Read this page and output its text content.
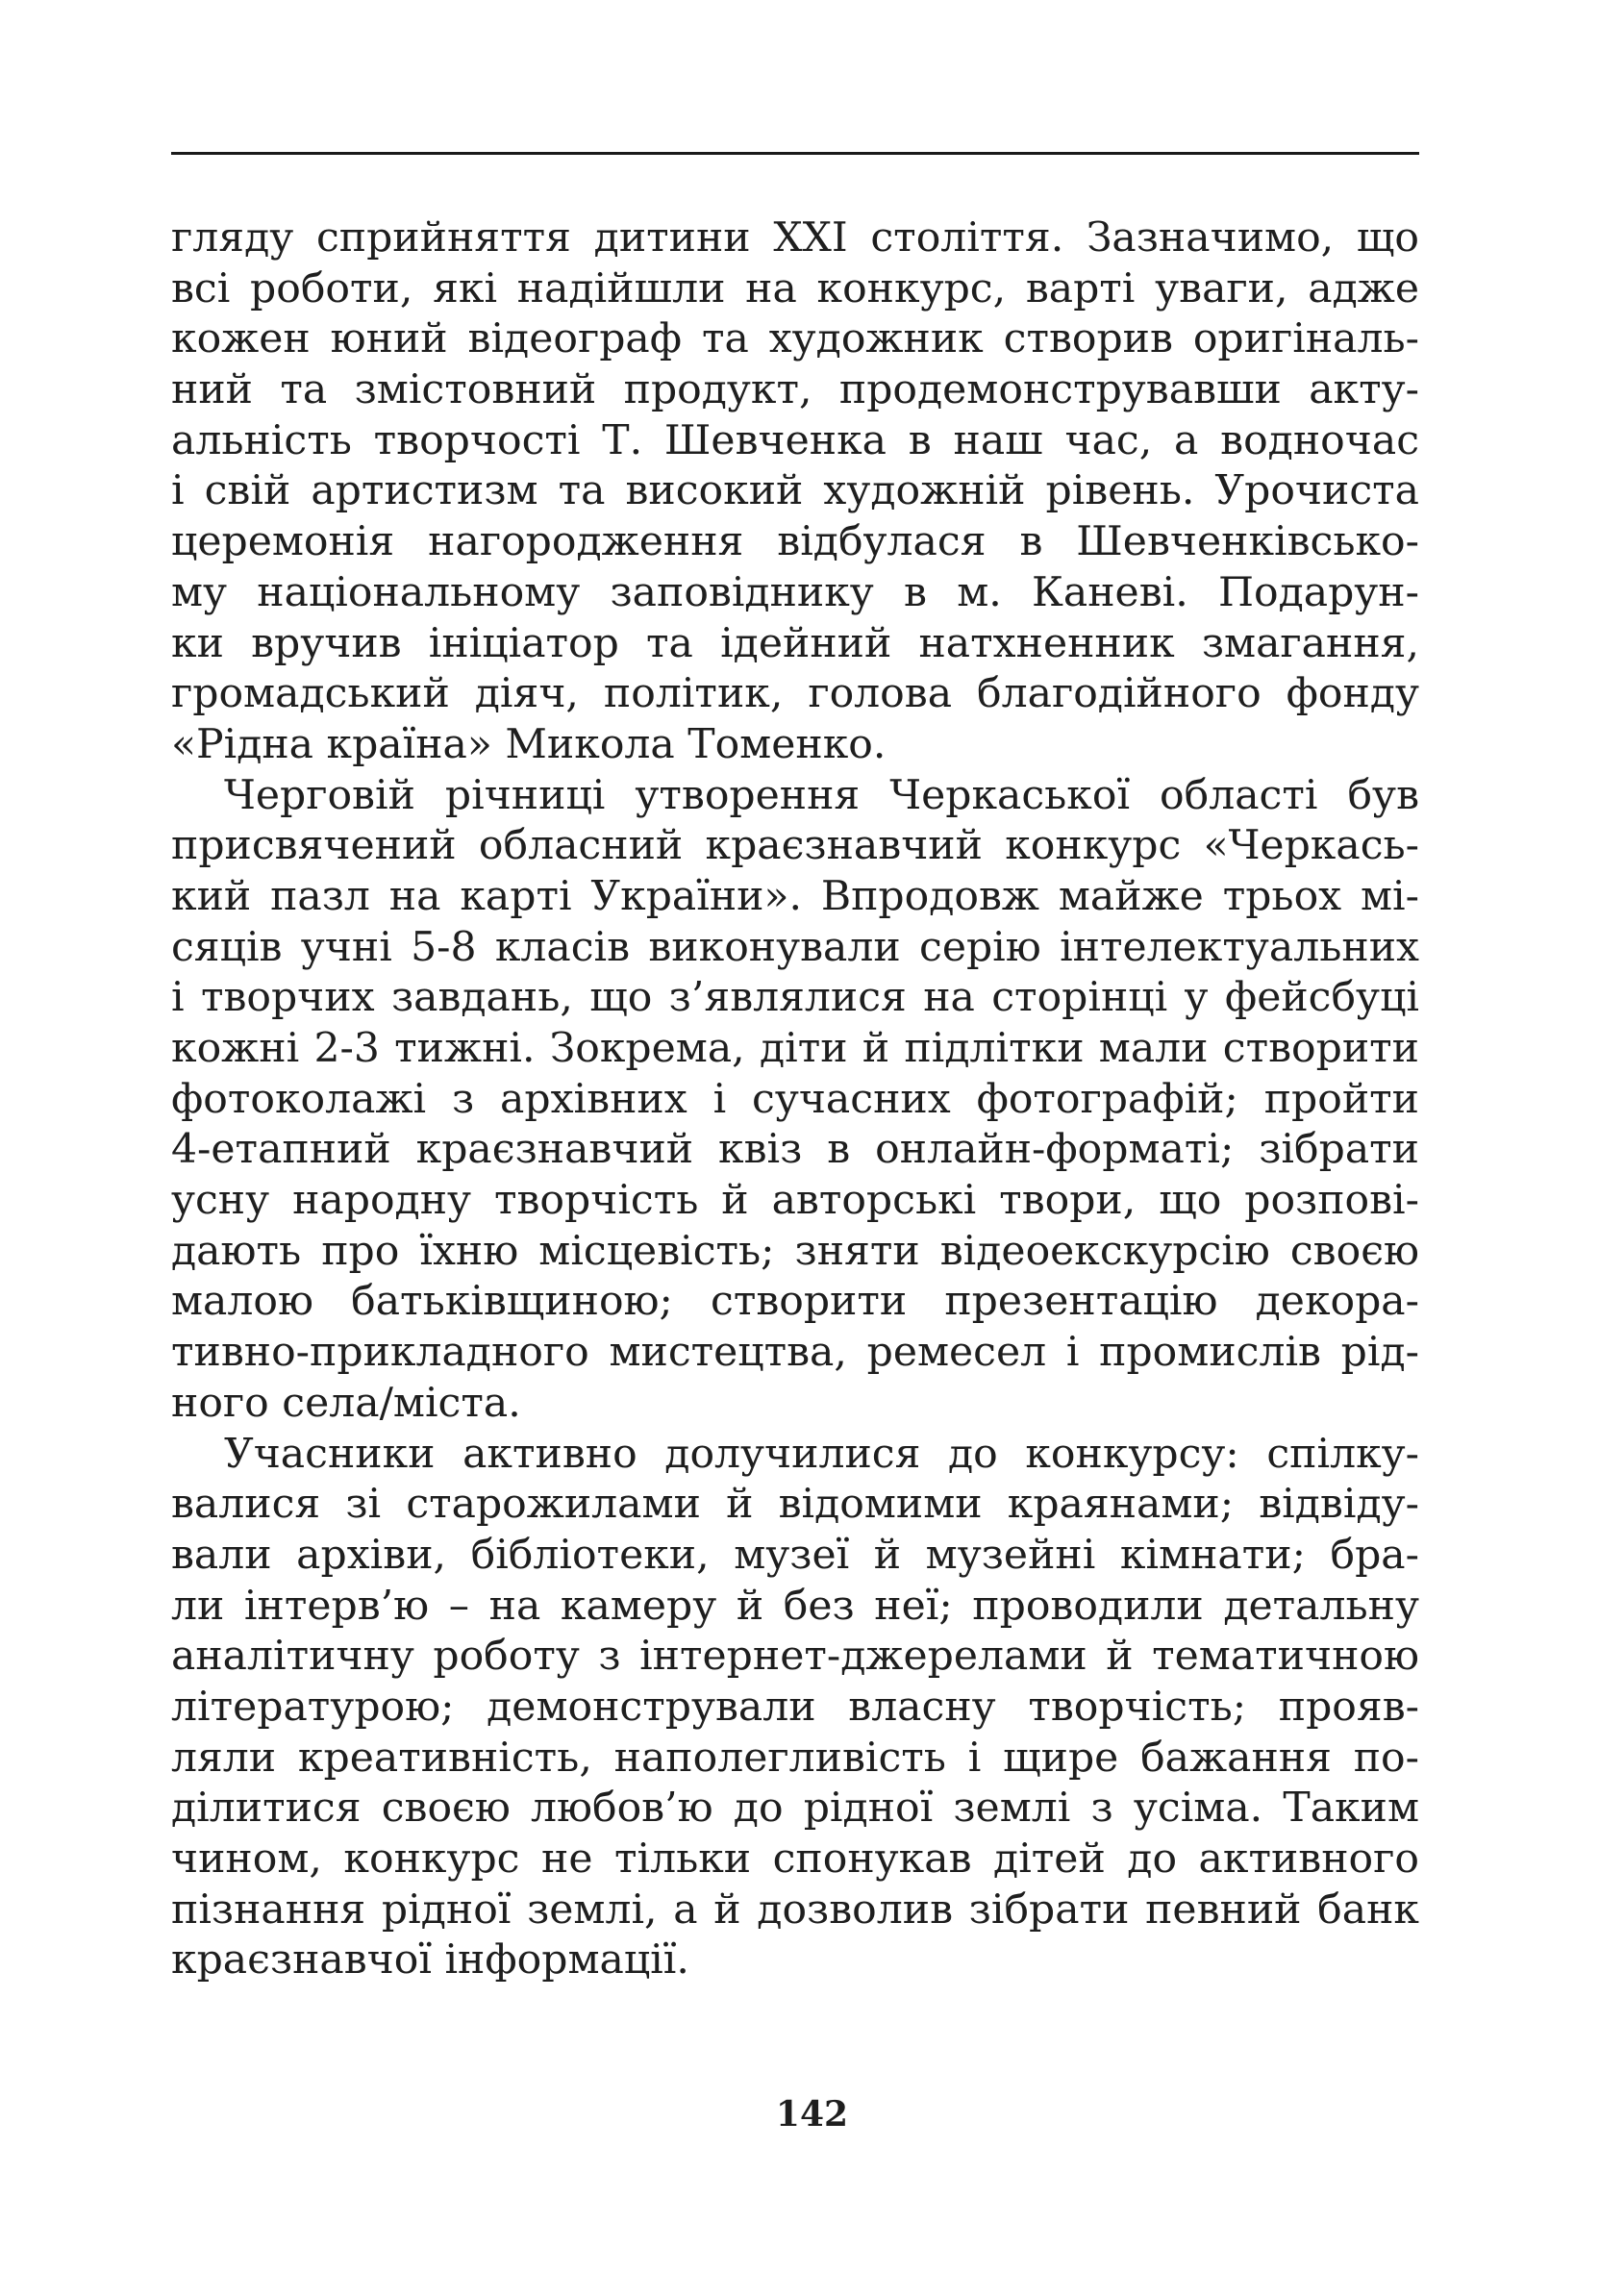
гляду сприйняття дитини XXI століття. Зазначимо, що
всі роботи, які надійшли на конкурс, варті уваги, адже
кожен юний відеограф та художник створив оригіналь-
ний та змістовний продукт, продемонструвавши акту-
альність творчості Т. Шевченка в наш час, а водночас
і свій артистизм та високий художній рівень. Урочиста
церемонія нагородження відбулася в Шевченківсько-
му національному заповіднику в м. Каневі. Подарун-
ки вручив ініціатор та ідейний натхненник змагання,
громадський діяч, політик, голова благодійного фонду
«Рідна країна» Микола Томенко.
Черговій річниці утворення Черкаської області був
присвячений обласний краєзнавчий конкурс «Черкась-
кий пазл на карті України». Впродовж майже трьох мі-
сяців учні 5-8 класів виконували серію інтелектуальних
і творчих завдань, що з’являлися на сторінці у фейсбуці
кожні 2-3 тижні. Зокрема, діти й підлітки мали створити
фотоколажі з архівних і сучасних фотографій; пройти
4-етапний краєзнавчий квіз в онлайн-форматі; зібрати
усну народну творчість й авторські твори, що розпові-
дають про їхню місцевість; зняти відеоекскурсію своєю
малою батьківщиною; створити презентацію декора-
тивно-прикладного мистецтва, ремесел і промислів рід-
ного села/міста.
Учасники активно долучилися до конкурсу: спілку-
валися зі старожилами й відомими краянами; відвіду-
вали архіви, бібліотеки, музеї й музейні кімнати; бра-
ли інтерв’ю – на камеру й без неї; проводили детальну
аналітичну роботу з інтернет-джерелами й тематичною
літературою; демонстрували власну творчість; прояв-
ляли креативність, наполегливість і щире бажання по-
ділитися своєю любов’ю до рідної землі з усіма. Таким
чином, конкурс не тільки спонукав дітей до активного
пізнання рідної землі, а й дозволив зібрати певний банк
краєзнавчої інформації.
142
